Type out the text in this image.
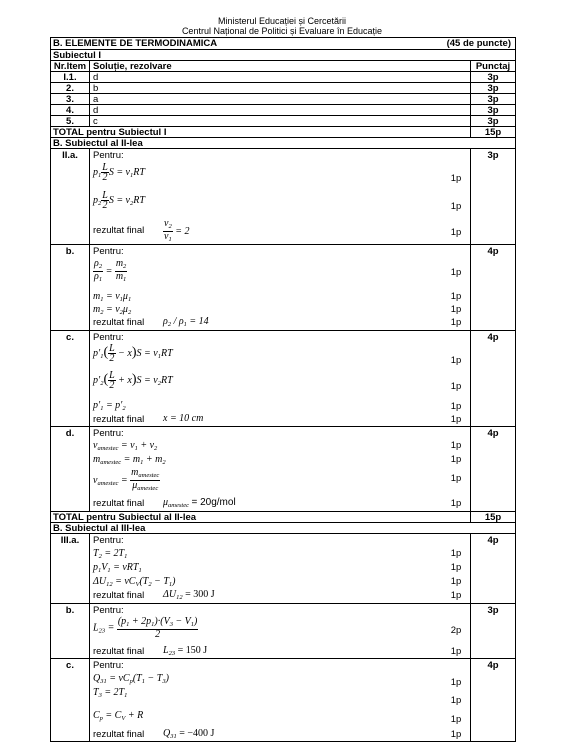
Ministerul Educației și Cercetării
Centrul Național de Politici și Evaluare în Educație
B. ELEMENTE DE TERMODINAMICA	(45 de puncte)
Subiectul I
Nr.Item Soluție, rezolvare	Punctaj
I.1.	d	3p
2.	b	3p
3.	a	3p
4.	d	3p
5.	c	3p
TOTAL pentru Subiectul I	15p
B. Subiectul al II-lea
II.a.	3p
Pentru:
$p_1 \frac{L}{2}$ $S = \nu_1RT$
1p
$p_2 \frac{L}{2}$ $S = \nu_2RT$
1p
rezultat final $\frac{\nu_2}{\nu_1} = 2$	1p
b.	4p
Pentru:
$\frac{\rho_2}{\rho_1} = \frac{m_2}{m_1}$	1p
$m_1 = \nu_1\mu_1$	1p
$m_2 = \nu_2\mu_2$	1p
rezultat final $\rho_2 / \rho_1 = 14$	1p
c.	4p
Pentru:
$p'_1( \frac{L}{2} - x)S = \nu_1RT$
1p
$p'_2( \frac{L}{2} + x)S = \nu_2RT$
1p
$p'_1 = p'_2$	1p
rezultat final x = 10 cm	1p
d.	4p
Pentru:
$\nu_{amestec} = \nu_1 + \nu_2$	1p
$m_{amestec} = m_1 + m_2$	1p
$\nu_{amestec} = \frac{m_{amestec}}{\mu_{amestec}}$	1p
rezultat final $\mu_{amestec} = 20g/mol$	1p
TOTAL pentru Subiectul al II-lea	15p
B. Subiectul al III-lea
III.a.	4p
Pentru:
$T_2 = 2T_1$	1p
$p_1V_1 = \nu RT_1$	1p
$\Delta U_{12} = \nu C_V(T_2 - T_1)$	1p
rezultat final $\Delta U_{12} = 300$ J	1p
b.	3p
Pentru:
$L_{23} = \frac{(p_1 + 2p_1)\cdot(V_3 - V_1)}{2}$	2p
rezultat final $L_{23} = 150$ J	1p
c.	4p
Pentru:
$Q_{31} = \nu C_p(T_1 - T_3)$	1p
$T_3 = 2T_1$	1p
$C_p = C_V + R$	1p
rezultat final $Q_{31} = -400$ J	1p
